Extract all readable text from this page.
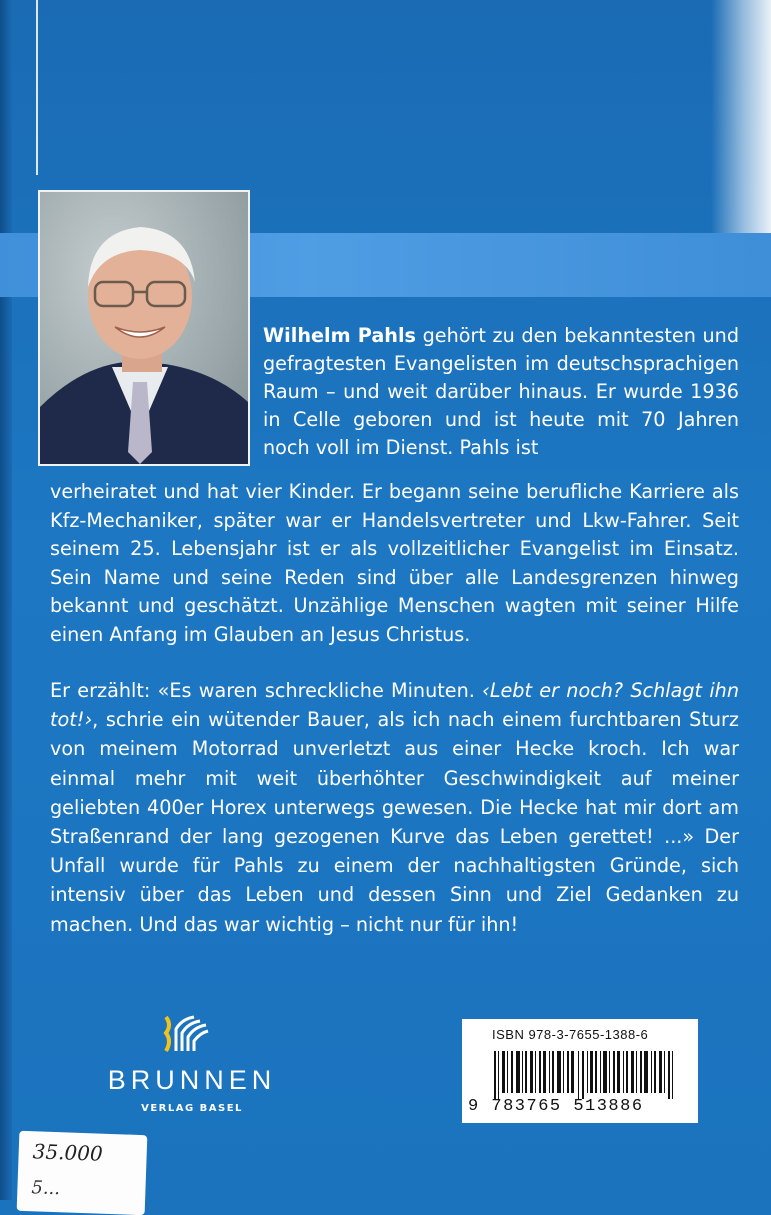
Wilhelm Pahls gehört zu den bekanntesten und gefragtesten Evangelisten im deutschsprachigen Raum – und weit darüber hinaus. Er wurde 1936 in Celle geboren und ist heute mit 70 Jahren noch voll im Dienst. Pahls ist
verheiratet und hat vier Kinder. Er begann seine berufliche Karriere als Kfz-Mechaniker, später war er Handelsvertreter und Lkw-Fahrer. Seit seinem 25. Lebensjahr ist er als vollzeitlicher Evangelist im Einsatz. Sein Name und seine Reden sind über alle Landesgrenzen hinweg bekannt und geschätzt. Unzählige Menschen wagten mit seiner Hilfe einen Anfang im Glauben an Jesus Christus.
Er erzählt: «Es waren schreckliche Minuten. ‹Lebt er noch? Schlagt ihn tot!›, schrie ein wütender Bauer, als ich nach einem furchtbaren Sturz von meinem Motorrad unverletzt aus einer Hecke kroch. Ich war einmal mehr mit weit überhöhter Geschwindigkeit auf meiner geliebten 400er Horex unterwegs gewesen. Die Hecke hat mir dort am Straßenrand der lang gezogenen Kurve das Leben gerettet! ...» Der Unfall wurde für Pahls zu einem der nachhaltigsten Gründe, sich intensiv über das Leben und dessen Sinn und Ziel Gedanken zu machen. Und das war wichtig – nicht nur für ihn!
BRUNNEN
VERLAG BASEL
ISBN 978-3-7655-1388-6
9 783765 513886
35.000
5...
